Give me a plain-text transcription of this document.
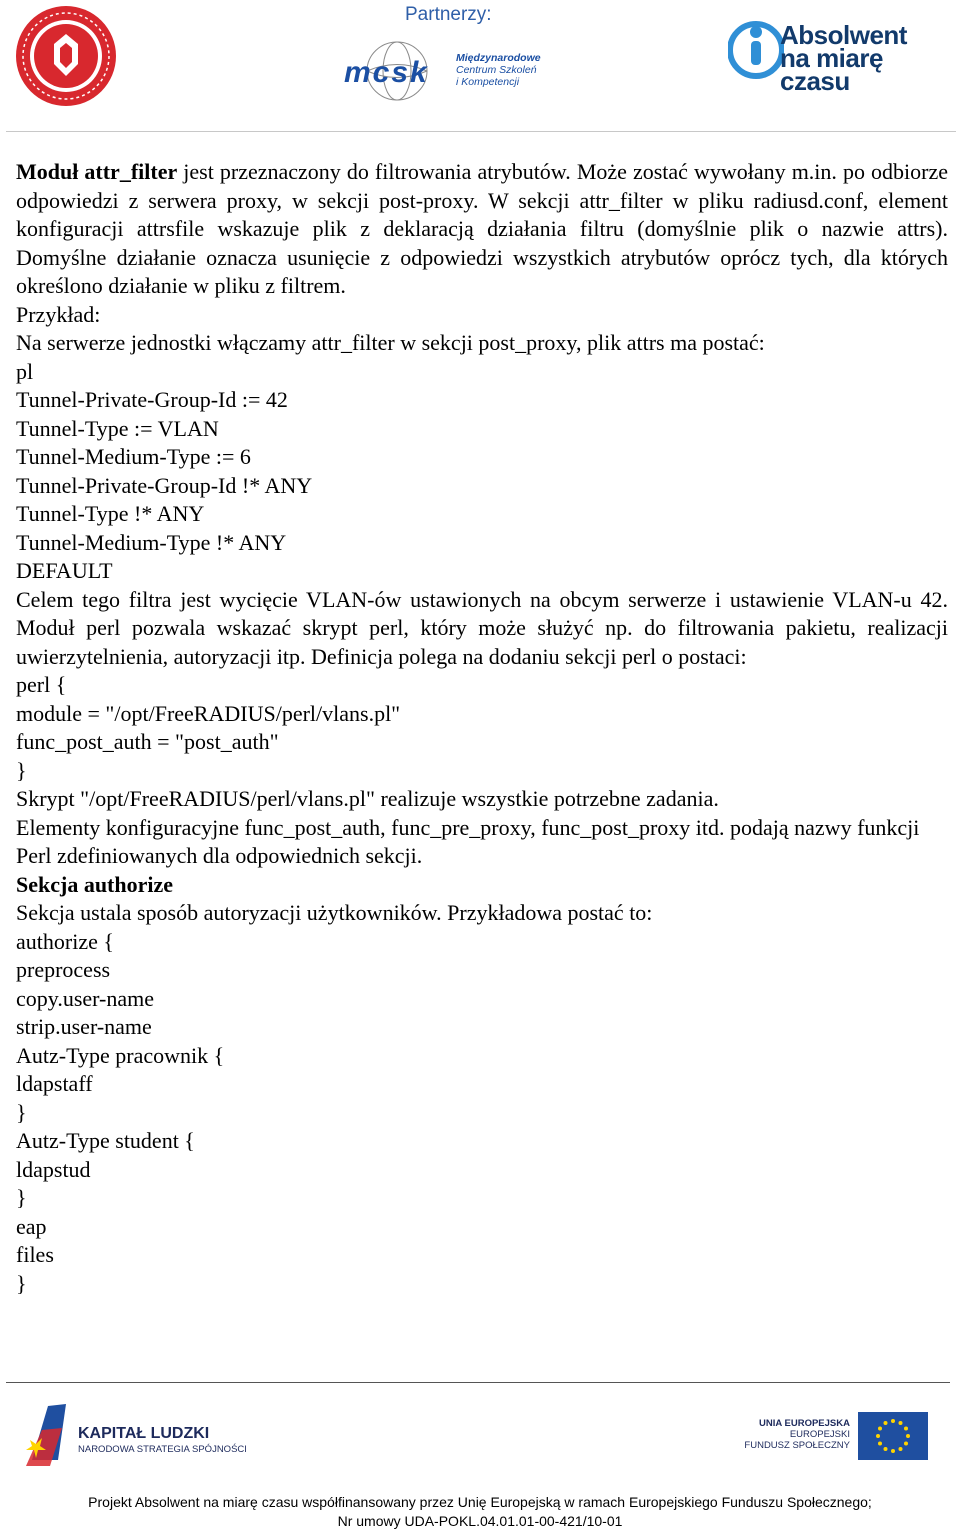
Partnerzy:
mcsk	Międzynarodowe
Centrum Szkoleń
i Kompetencji
Absolwent
na miarę
czasu

Moduł attr_filter jest przeznaczony do filtrowania atrybutów. Może zostać wywołany m.in. po odbiorze odpowiedzi z serwera proxy, w sekcji post-proxy. W sekcji attr_filter w pliku radiusd.conf, element konfiguracji attrsfile wskazuje plik z deklaracją działania filtru (domyślnie plik o nazwie attrs). Domyślne działanie oznacza usunięcie z odpowiedzi wszystkich atrybutów oprócz tych, dla których określono działanie w pliku z filtrem.

Przykład:

Na serwerze jednostki włączamy attr_filter w sekcji post_proxy, plik attrs ma postać:

pl

Tunnel-Private-Group-Id := 42

Tunnel-Type := VLAN

Tunnel-Medium-Type := 6

Tunnel-Private-Group-Id !* ANY

Tunnel-Type !* ANY

Tunnel-Medium-Type !* ANY

DEFAULT

Celem tego filtra jest wycięcie VLAN-ów ustawionych na obcym serwerze i ustawienie VLAN-u 42. Moduł perl pozwala wskazać skrypt perl, który może służyć np. do filtrowania pakietu, realizacji uwierzytelnienia, autoryzacji itp. Definicja polega na dodaniu sekcji perl o postaci:

perl {

module = "/opt/FreeRADIUS/perl/vlans.pl"

func_post_auth = "post_auth"

}

Skrypt "/opt/FreeRADIUS/perl/vlans.pl" realizuje wszystkie potrzebne zadania.

Elementy konfiguracyjne func_post_auth, func_pre_proxy, func_post_proxy itd. podają nazwy funkcji Perl zdefiniowanych dla odpowiednich sekcji.

Sekcja authorize

Sekcja ustala sposób autoryzacji użytkowników. Przykładowa postać to:

authorize {

preprocess

copy.user-name

strip.user-name

Autz-Type pracownik {

ldapstaff

}

Autz-Type student {

ldapstud

}

eap

files

}

KAPITAŁ LUDZKI
NARODOWA STRATEGIA SPÓJNOŚCI
UNIA EUROPEJSKA
EUROPEJSKI
FUNDUSZ SPOŁECZNY
Projekt Absolwent na miarę czasu współfinansowany przez Unię Europejską w ramach Europejskiego Funduszu Społecznego;
Nr umowy UDA-POKL.04.01.01-00-421/10-01
